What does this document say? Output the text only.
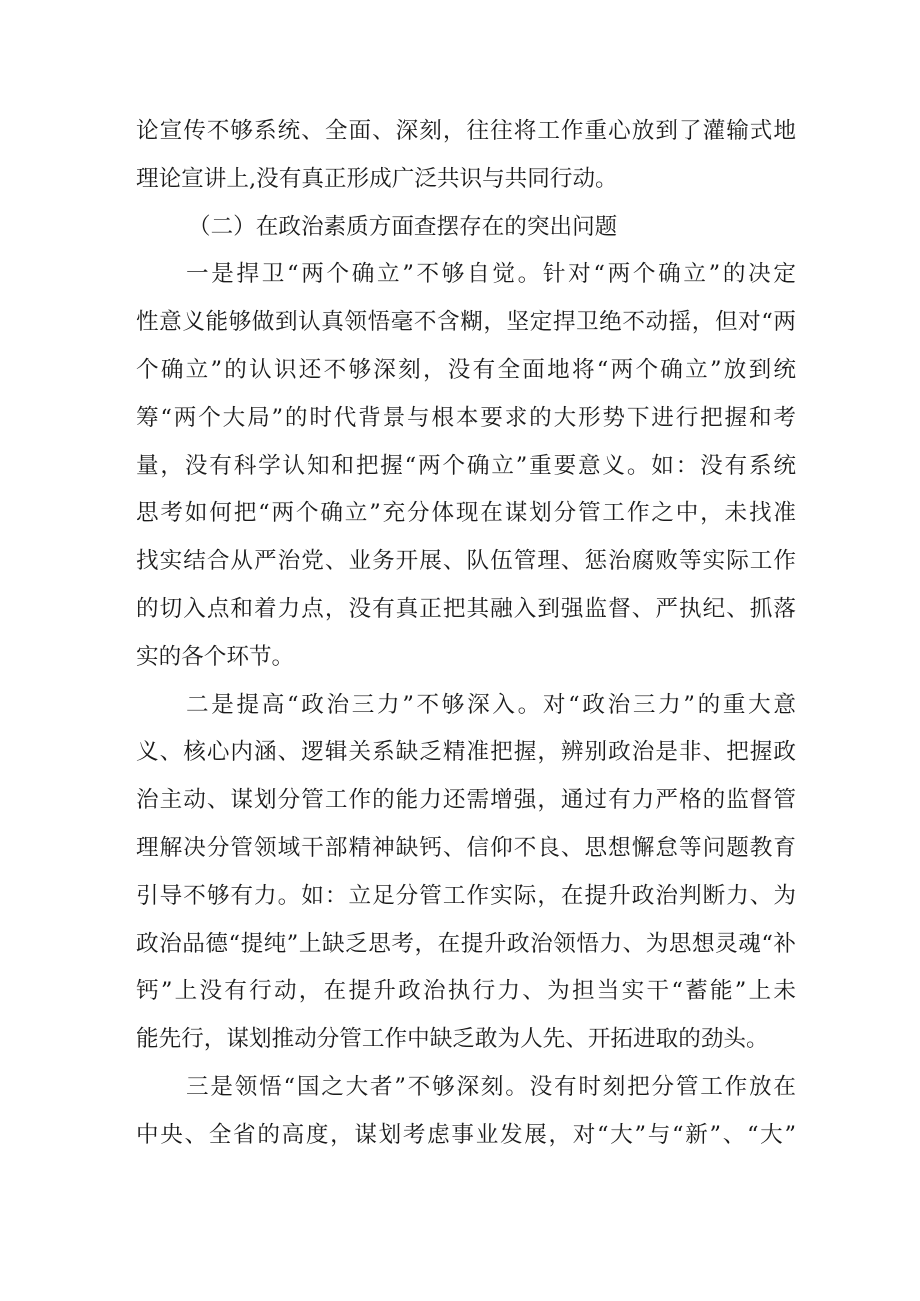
论宣传不够系统、全面、深刻，往往将工作重心放到了灌输式地
理论宣讲上,没有真正形成广泛共识与共同行动。
（二）在政治素质方面查摆存在的突出问题
一是捍卫“两个确立”不够自觉。针对“两个确立”的决定
性意义能够做到认真领悟毫不含糊，坚定捍卫绝不动摇，但对“两
个确立”的认识还不够深刻，没有全面地将“两个确立”放到统
筹“两个大局”的时代背景与根本要求的大形势下进行把握和考
量，没有科学认知和把握“两个确立”重要意义。如：没有系统
思考如何把“两个确立”充分体现在谋划分管工作之中，未找准
找实结合从严治党、业务开展、队伍管理、惩治腐败等实际工作
的切入点和着力点，没有真正把其融入到强监督、严执纪、抓落
实的各个环节。
二是提高“政治三力”不够深入。对“政治三力”的重大意
义、核心内涵、逻辑关系缺乏精准把握，辨别政治是非、把握政
治主动、谋划分管工作的能力还需增强，通过有力严格的监督管
理解决分管领域干部精神缺钙、信仰不良、思想懈怠等问题教育
引导不够有力。如：立足分管工作实际，在提升政治判断力、为
政治品德“提纯”上缺乏思考，在提升政治领悟力、为思想灵魂“补
钙”上没有行动，在提升政治执行力、为担当实干“蓄能”上未
能先行，谋划推动分管工作中缺乏敢为人先、开拓进取的劲头。
三是领悟“国之大者”不够深刻。没有时刻把分管工作放在
中央、全省的高度，谋划考虑事业发展，对“大”与“新”、“大”
